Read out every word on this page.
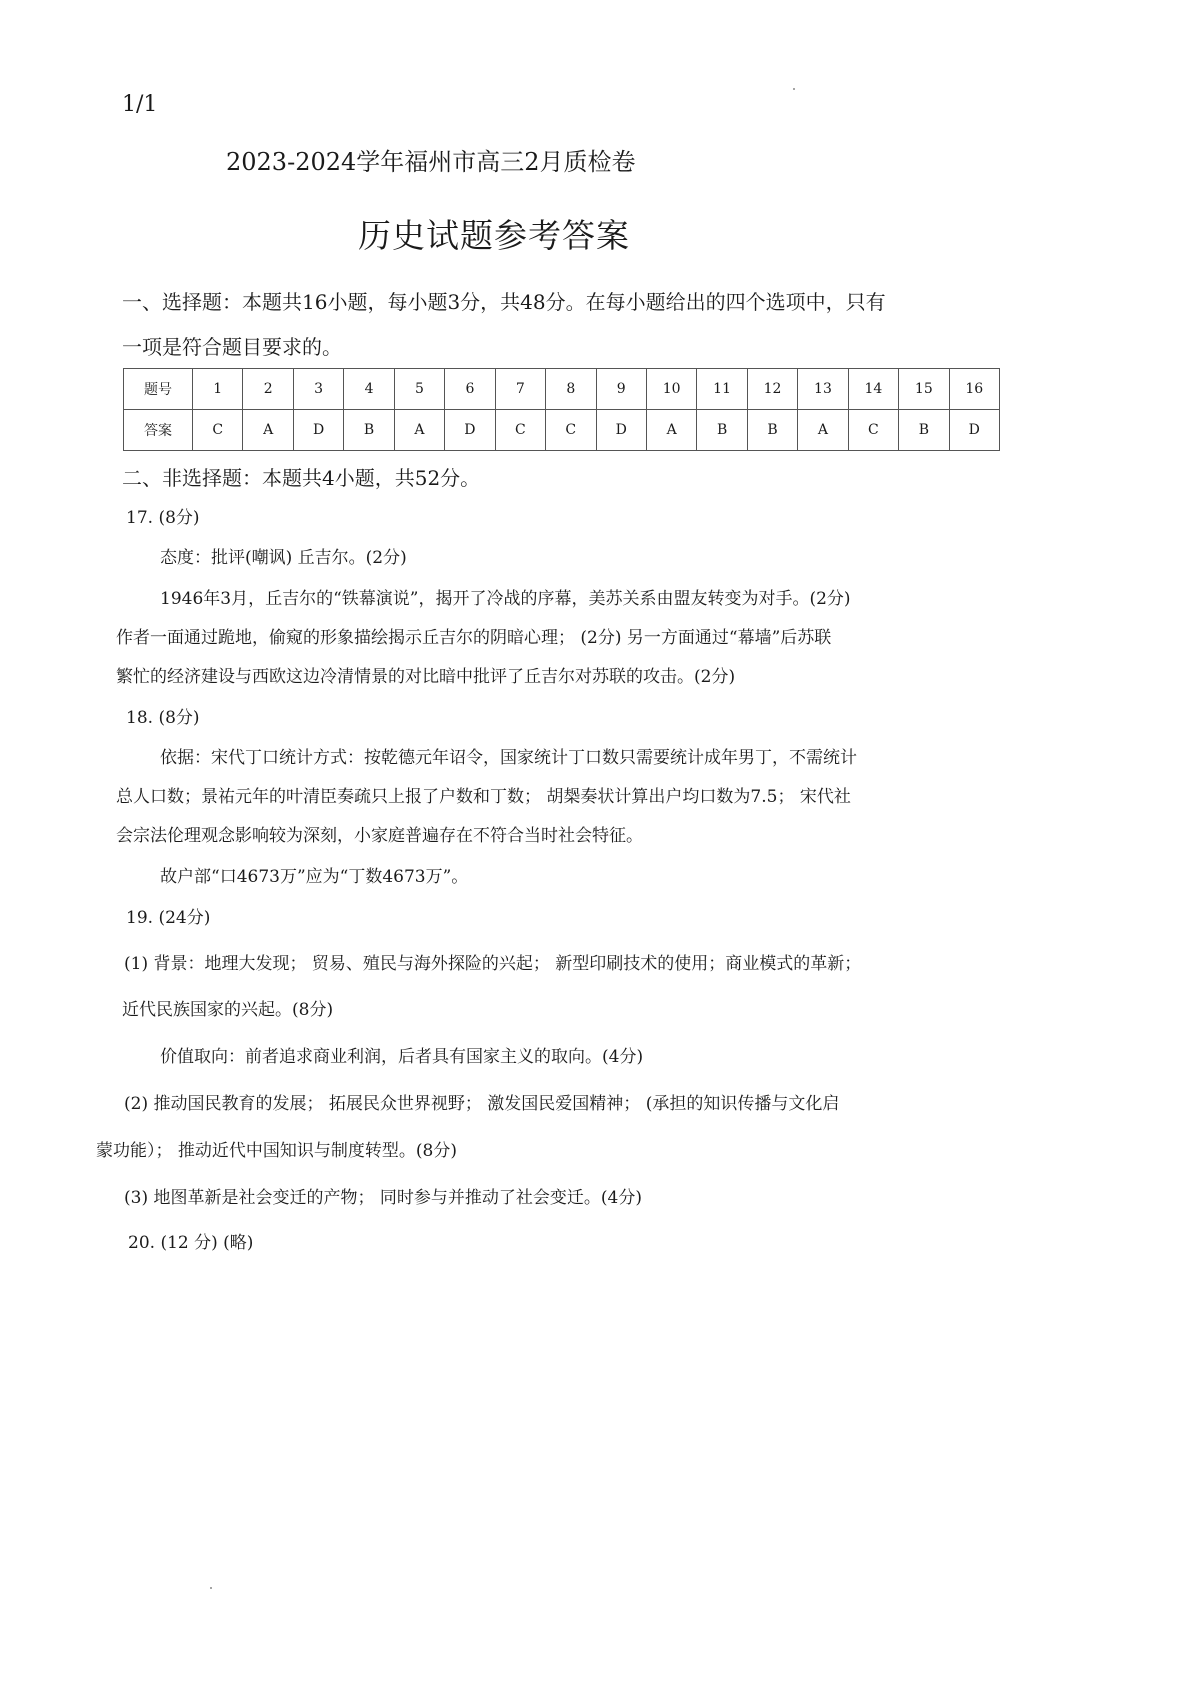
1/1
2023-2024学年福州市高三2月质检卷
历史试题参考答案
一、选择题：本题共16小题，每小题3分，共48分。在每小题给出的四个选项中，只有
一项是符合题目要求的。
题号	1	2	3	4	5	6	7	8	9	10	11	12	13	14	15	16
答案	C	A	D	B	A	D	C	C	D	A	B	B	A	C	B	D
二、非选择题：本题共4小题，共52分。
17. (8分)
态度：批评(嘲讽) 丘吉尔。(2分)
1946年3月，丘吉尔的“铁幕演说”，揭开了冷战的序幕，美苏关系由盟友转变为对手。(2分)
作者一面通过跪地，偷窥的形象描绘揭示丘吉尔的阴暗心理； (2分) 另一方面通过“幕墙”后苏联
繁忙的经济建设与西欧这边冷清情景的对比暗中批评了丘吉尔对苏联的攻击。(2分)
18. (8分)
依据：宋代丁口统计方式：按乾德元年诏令，国家统计丁口数只需要统计成年男丁，不需统计
总人口数；景祐元年的叶清臣奏疏只上报了户数和丁数； 胡椝奏状计算出户均口数为7.5； 宋代社
会宗法伦理观念影响较为深刻，小家庭普遍存在不符合当时社会特征。
故户部“口4673万”应为“丁数4673万”。
19. (24分)
(1) 背景：地理大发现； 贸易、殖民与海外探险的兴起； 新型印刷技术的使用；商业模式的革新；
近代民族国家的兴起。(8分)
价值取向：前者追求商业利润，后者具有国家主义的取向。(4分)
(2) 推动国民教育的发展； 拓展民众世界视野； 激发国民爱国精神； (承担的知识传播与文化启
蒙功能）； 推动近代中国知识与制度转型。(8分)
(3) 地图革新是社会变迁的产物； 同时参与并推动了社会变迁。(4分)
20. (12 分) (略)
